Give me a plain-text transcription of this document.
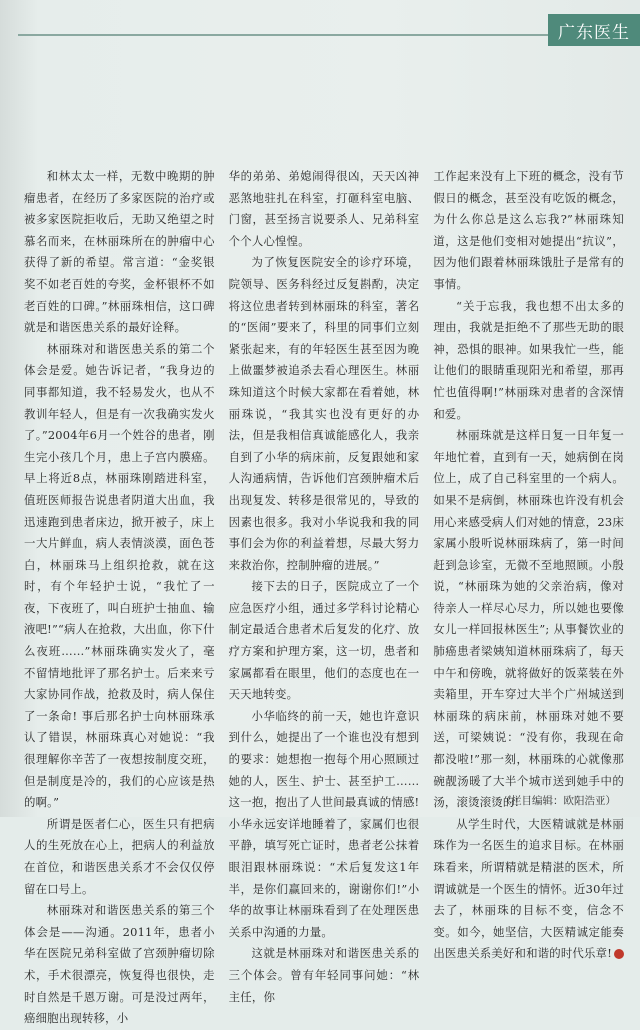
广东医生

和林太太一样，无数中晚期的肿瘤患者，在经历了多家医院的治疗或被多家医院拒收后，无助又绝望之时慕名而来，在林丽珠所在的肿瘤中心获得了新的希望。常言道：“金奖银奖不如老百姓的夸奖，金杯银杯不如老百姓的口碑。”林丽珠相信，这口碑就是和谐医患关系的最好诠释。

林丽珠对和谐医患关系的第二个体会是爱。她告诉记者，“我身边的同事都知道，我不轻易发火，也从不教训年轻人，但是有一次我确实发火了。”2004年6月一个姓谷的患者，刚生完小孩几个月，患上子宫内膜癌。早上将近8点，林丽珠刚踏进科室，值班医师报告说患者阴道大出血，我迅速跑到患者床边，掀开被子，床上一大片鲜血，病人表情淡漠，面色苍白，林丽珠马上组织抢救，就在这时，有个年轻护士说，“我忙了一夜，下夜班了，叫白班护士抽血、输液吧!”“病人在抢救，大出血，你下什么夜班……”林丽珠确实发火了，毫不留情地批评了那名护士。后来来亏大家协同作战，抢救及时，病人保住了一条命! 事后那名护士向林丽珠承认了错误，林丽珠真心对她说：“我很理解你辛苦了一夜想按制度交班，但是制度是冷的，我们的心应该是热的啊。”

所谓是医者仁心，医生只有把病人的生死放在心上，把病人的利益放在首位，和谐医患关系才不会仅仅停留在口号上。

林丽珠对和谐医患关系的第三个体会是——沟通。2011年，患者小华在医院兄弟科室做了宫颈肿瘤切除术，手术很漂亮，恢复得也很快，走时自然是千恩万谢。可是没过两年，癌细胞出现转移，小

华的弟弟、弟媳闹得很凶，天天凶神恶煞地驻扎在科室，打砸科室电脑、门窗，甚至扬言说要杀人、兄弟科室个个人心惶惶。

为了恢复医院安全的诊疗环境，院领导、医务科经过反复斟酌，决定将这位患者转到林丽珠的科室，著名的“医闹”要来了，科里的同事们立刻紧张起来，有的年轻医生甚至因为晚上做噩梦被追杀去看心理医生。林丽珠知道这个时候大家都在看着她，林丽珠说，“我其实也没有更好的办法，但是我相信真诚能感化人，我亲自到了小华的病床前，反复跟她和家人沟通病情，告诉他们宫颈肿瘤术后出现复发、转移是很常见的，导致的因素也很多。我对小华说我和我的同事们会为你的利益着想，尽最大努力来救治你，控制肿瘤的进展。”

接下去的日子，医院成立了一个应急医疗小组，通过多学科讨论精心制定最适合患者术后复发的化疗、放疗方案和护理方案，这一切，患者和家属都看在眼里，他们的态度也在一天天地转变。

小华临终的前一天，她也许意识到什么，她提出了一个谁也没有想到的要求：她想抱一抱每个用心照顾过她的人，医生、护士、甚至护工……这一抱，抱出了人世间最真诚的情感! 小华永远安详地睡着了，家属们也很平静，填写死亡证时，患者老公抹着眼泪跟林丽珠说：“术后复发这1年半，是你们赢回来的，谢谢你们!”小华的故事让林丽珠看到了在处理医患关系中沟通的力量。

这就是林丽珠对和谐医患关系的三个体会。曾有年轻同事问她：“林主任，你

工作起来没有上下班的概念，没有节假日的概念，甚至没有吃饭的概念，为什么你总是这么忘我?”林丽珠知道，这是他们变相对她提出“抗议”，因为他们跟着林丽珠饿肚子是常有的事情。

“关于忘我，我也想不出太多的理由，我就是拒绝不了那些无助的眼神，恐惧的眼神。如果我忙一些，能让他们的眼睛重现阳光和希望，那再忙也值得啊!”林丽珠对患者的含深情和爱。

林丽珠就是这样日复一日年复一年地忙着，直到有一天，她病倒在岗位上，成了自己科室里的一个病人。如果不是病倒，林丽珠也许没有机会用心来感受病人们对她的情意，23床家属小殷听说林丽珠病了，第一时间赶到急诊室，无微不至地照顾。小殷说，“林丽珠为她的父亲治病，像对待亲人一样尽心尽力，所以她也要像女儿一样回报林医生”; 从事餐饮业的肺癌患者梁姨知道林丽珠病了，每天中午和傍晚，就将做好的饭菜装在外卖箱里，开车穿过大半个广州城送到林丽珠的病床前，林丽珠对她不要送，可梁姨说：“没有你，我现在命都没啦!”那一刻，林丽珠的心就像那碗靓汤暖了大半个城市送到她手中的汤，滚烫滚烫的!

从学生时代，大医精诚就是林丽珠作为一名医生的追求目标。在林丽珠看来，所谓精就是精湛的医术，所谓诚就是一个医生的情怀。近30年过去了，林丽珠的目标不变，信念不变。如今，她坚信，大医精诚定能奏出医患关系美好和和谐的时代乐章!

（栏目编辑：欧阳浩亚）
